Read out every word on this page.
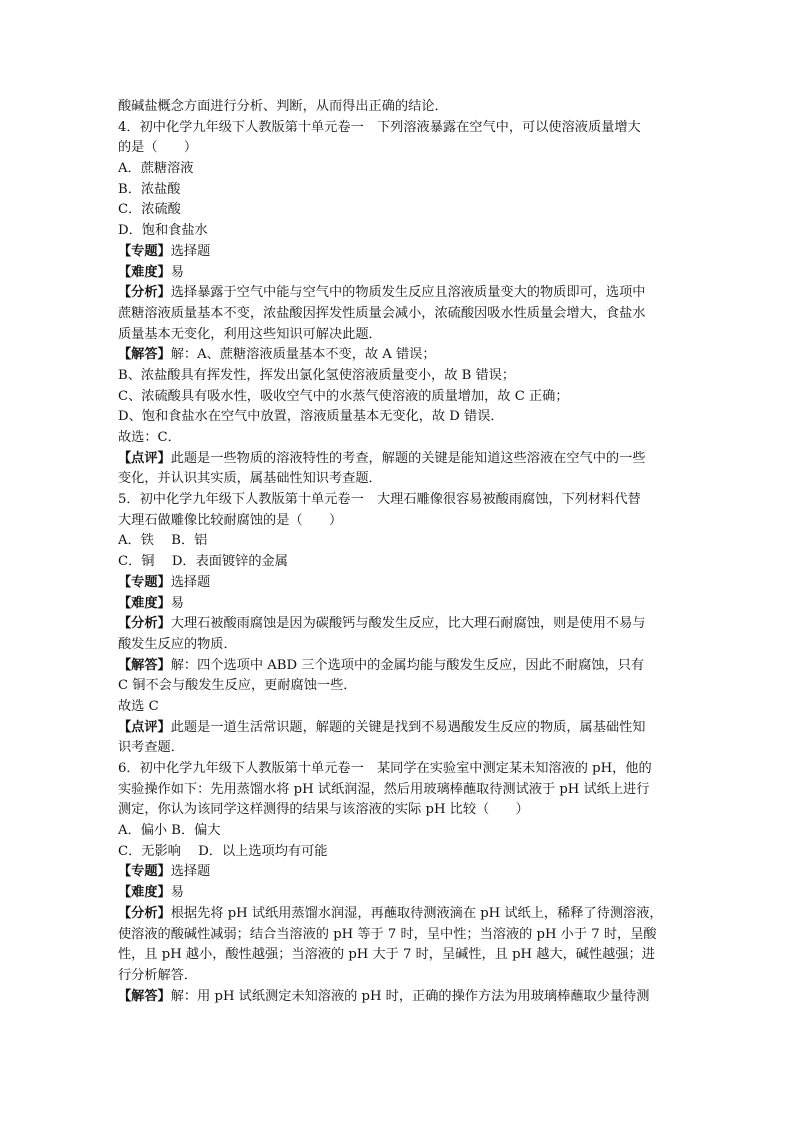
酸碱盐概念方面进行分析、判断，从而得出正确的结论．
4．初中化学九年级下人教版第十单元卷一　下列溶液暴露在空气中，可以使溶液质量增大
的是（　　）
A．蔗糖溶液
B．浓盐酸
C．浓硫酸
D．饱和食盐水
【专题】选择题
【难度】易
【分析】选择暴露于空气中能与空气中的物质发生反应且溶液质量变大的物质即可，选项中
蔗糖溶液质量基本不变，浓盐酸因挥发性质量会减小，浓硫酸因吸水性质量会增大，食盐水
质量基本无变化，利用这些知识可解决此题．
【解答】解：A、蔗糖溶液质量基本不变，故 A 错误；
B、浓盐酸具有挥发性，挥发出氯化氢使溶液质量变小，故 B 错误；
C、浓硫酸具有吸水性，吸收空气中的水蒸气使溶液的质量增加，故 C 正确；
D、饱和食盐水在空气中放置，溶液质量基本无变化，故 D 错误．
故选：C．
【点评】此题是一些物质的溶液特性的考查，解题的关键是能知道这些溶液在空气中的一些
变化，并认识其实质，属基础性知识考查题．
5．初中化学九年级下人教版第十单元卷一　大理石雕像很容易被酸雨腐蚀，下列材料代替
大理石做雕像比较耐腐蚀的是（　　）
A．铁　 B．铝
C．铜　 D．表面镀锌的金属
【专题】选择题
【难度】易
【分析】大理石被酸雨腐蚀是因为碳酸钙与酸发生反应，比大理石耐腐蚀，则是使用不易与
酸发生反应的物质．
【解答】解：四个选项中 ABD 三个选项中的金属均能与酸发生反应，因此不耐腐蚀，只有
C 铜不会与酸发生反应，更耐腐蚀一些．
故选 C
【点评】此题是一道生活常识题，解题的关键是找到不易遇酸发生反应的物质，属基础性知
识考查题．
6．初中化学九年级下人教版第十单元卷一　某同学在实验室中测定某未知溶液的 pH，他的
实验操作如下：先用蒸馏水将 pH 试纸润湿，然后用玻璃棒蘸取待测试液于 pH 试纸上进行
测定，你认为该同学这样测得的结果与该溶液的实际 pH 比较（　　）
A．偏小 B．偏大
C．无影响　 D．以上选项均有可能
【专题】选择题
【难度】易
【分析】根据先将 pH 试纸用蒸馏水润湿，再蘸取待测液滴在 pH 试纸上，稀释了待测溶液，
使溶液的酸碱性减弱；结合当溶液的 pH 等于 7 时，呈中性；当溶液的 pH 小于 7 时，呈酸
性，且 pH 越小，酸性越强；当溶液的 pH 大于 7 时，呈碱性，且 pH 越大，碱性越强；进
行分析解答．
【解答】解：用 pH 试纸测定未知溶液的 pH 时，正确的操作方法为用玻璃棒蘸取少量待测
